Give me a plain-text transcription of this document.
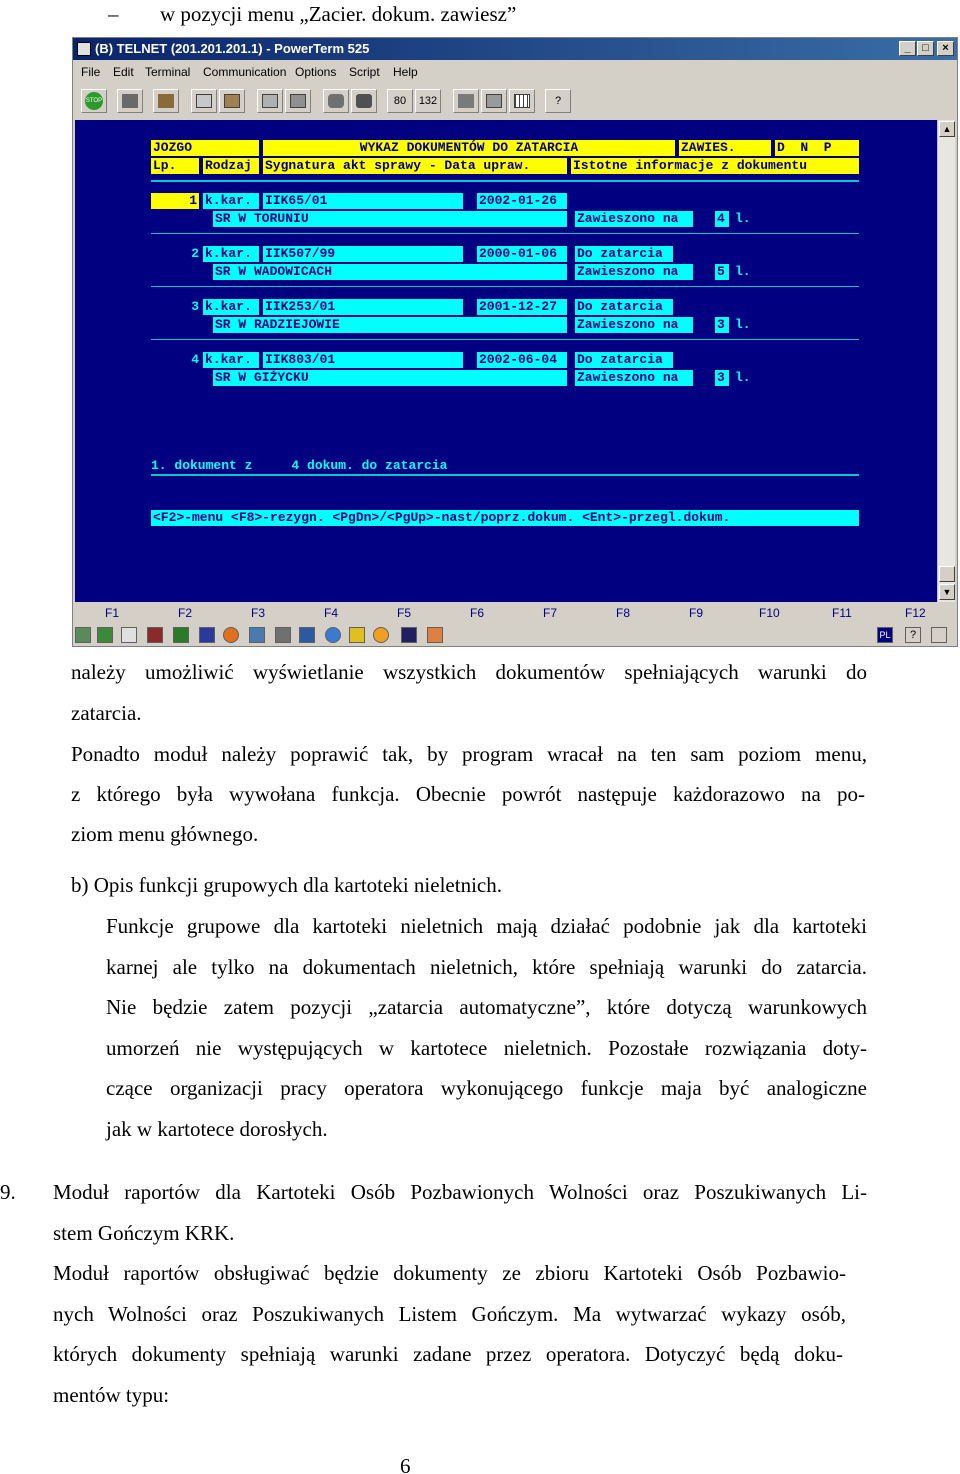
– w pozycji menu „Zacier. dokum. zawiesz”
(B) TELNET (201.201.201.1) - PowerTerm 525	_	□	×
File Edit Terminal Communication Options Script Help
STOP	80	132	?
JOZGO	WYKAZ DOKUMENTÓW DO ZATARCIA	ZAWIES.	D  N  P
Lp.	Rodzaj	Sygnatura akt sprawy - Data upraw.	Istotne informacje z dokumentu
1 k.kar.	IIK65/01	2002-01-26
SR W TORUNIU	Zawieszono na	4 l.
2 k.kar.	IIK507/99	2000-01-06	Do zatarcia
SR W WADOWICACH	Zawieszono na	5 l.
3 k.kar.	IIK253/01	2001-12-27	Do zatarcia
SR W RADZIEJOWIE	Zawieszono na	3 l.
4 k.kar.	IIK803/01	2002-06-04	Do zatarcia
SR W GIŻYCKU	Zawieszono na	3 l.
1. dokument z     4 dokum. do zatarcia
<F2>-menu <F8>-rezygn. <PgDn>/<PgUp>-nast/poprz.dokum. <Ent>-przegl.dokum.
▲
▼
F1	F2	F3	F4	F5	F6	F7	F8	F9	F10	F11	F12
PL	?
należy umożliwić wyświetlanie wszystkich dokumentów spełniających warunki do
zatarcia.
Ponadto moduł należy poprawić tak, by program wracał na ten sam poziom menu,
z którego była wywołana funkcja. Obecnie powrót następuje każdorazowo na po-
ziom menu głównego.
b) Opis funkcji grupowych dla kartoteki nieletnich.
Funkcje grupowe dla kartoteki nieletnich mają działać podobnie jak dla kartoteki
karnej ale tylko na dokumentach nieletnich, które spełniają warunki do zatarcia.
Nie będzie zatem pozycji „zatarcia automatyczne”, które dotyczą warunkowych
umorzeń nie występujących w kartotece nieletnich. Pozostałe rozwiązania doty-
czące organizacji pracy operatora wykonującego funkcje maja być analogiczne
jak w kartotece dorosłych.
9. Moduł raportów dla Kartoteki Osób Pozbawionych Wolności oraz Poszukiwanych Li-
stem Gończym KRK.
Moduł raportów obsługiwać będzie dokumenty ze zbioru Kartoteki Osób Pozbawio-
nych Wolności oraz Poszukiwanych Listem Gończym. Ma wytwarzać wykazy osób,
których dokumenty spełniają warunki zadane przez operatora. Dotyczyć będą doku-
mentów typu:
6
